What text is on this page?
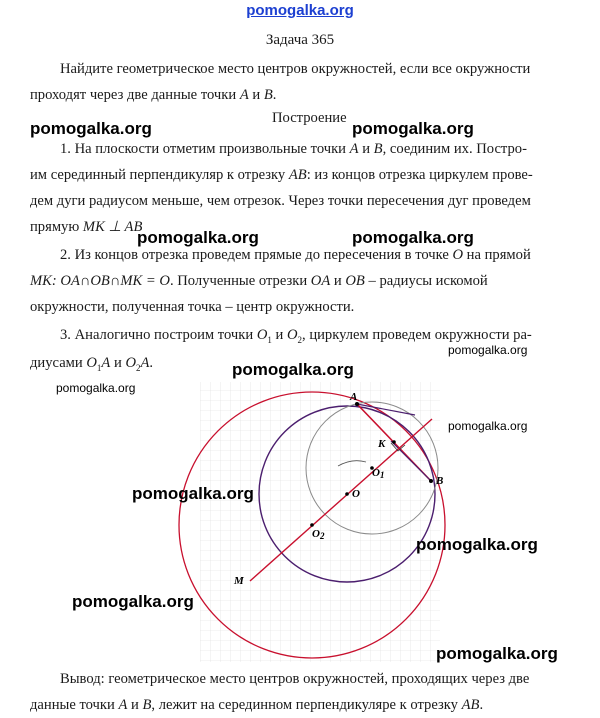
pomogalka.org
Задача 365
Найдите геометрическое место центров окружностей, если все окружности
проходят через две данные точки A и B.
Построение
1. На плоскости отметим произвольные точки A и B, соединим их. Постро-
им серединный перпендикуляр к отрезку AB: из концов отрезка циркулем прове-
дем дуги радиусом меньше, чем отрезок. Через точки пересечения дуг проведем
прямую MK ⊥ AB
2. Из концов отрезка проведем прямые до пересечения в точке O на прямой
MK: OA∩OB∩MK = O. Полученные отрезки OA и OB – радиусы искомой
окружности, полученная точка – центр окружности.
3. Аналогично построим точки $O_1$ и $O_2$, циркулем проведем окружности ра-
диусами $O_1A$ и $O_2A$.
A
B
K
O
O1
O2
M
Вывод: геометрическое место центров окружностей, проходящих через две
данные точки A и B, лежит на серединном перпендикуляре к отрезку AB.
pomogalka.org	pomogalka.org
pomogalka.org	pomogalka.org
pomogalka.org
pomogalka.org
pomogalka.org
pomogalka.org
pomogalka.org
pomogalka.org
pomogalka.org
pomogalka.org
